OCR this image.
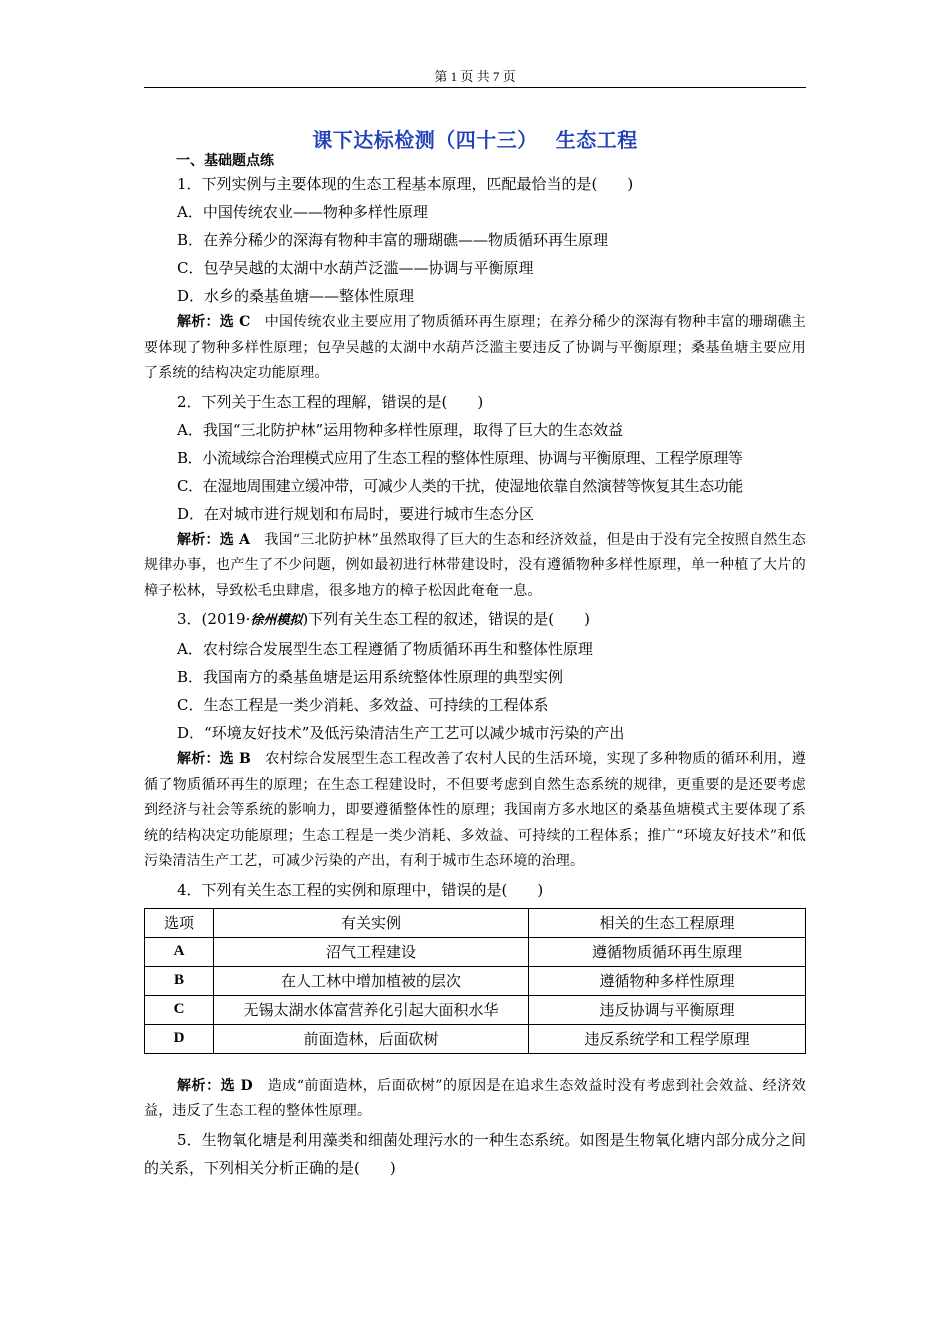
第 1 页 共 7 页
课下达标检测（四十三） 生态工程
一、基础题点练

1．下列实例与主要体现的生态工程基本原理，匹配最恰当的是(　　)

A．中国传统农业——物种多样性原理

B．在养分稀少的深海有物种丰富的珊瑚礁——物质循环再生原理

C．包孕吴越的太湖中水葫芦泛滥——协调与平衡原理

D．水乡的桑基鱼塘——整体性原理

解析：选 C　中国传统农业主要应用了物质循环再生原理；在养分稀少的深海有物种丰富的珊瑚礁主要体现了物种多样性原理；包孕吴越的太湖中水葫芦泛滥主要违反了协调与平衡原理；桑基鱼塘主要应用了系统的结构决定功能原理。

2．下列关于生态工程的理解，错误的是(　　)

A．我国“三北防护林”运用物种多样性原理，取得了巨大的生态效益

B．小流域综合治理模式应用了生态工程的整体性原理、协调与平衡原理、工程学原理等

C．在湿地周围建立缓冲带，可减少人类的干扰，使湿地依靠自然演替等恢复其生态功能

D．在对城市进行规划和布局时，要进行城市生态分区

解析：选 A　我国“三北防护林”虽然取得了巨大的生态和经济效益，但是由于没有完全按照自然生态规律办事，也产生了不少问题，例如最初进行林带建设时，没有遵循物种多样性原理，单一种植了大片的樟子松林，导致松毛虫肆虐，很多地方的樟子松因此奄奄一息。

3．(2019·徐州模拟)下列有关生态工程的叙述，错误的是(　　)

A．农村综合发展型生态工程遵循了物质循环再生和整体性原理

B．我国南方的桑基鱼塘是运用系统整体性原理的典型实例

C．生态工程是一类少消耗、多效益、可持续的工程体系

D．“环境友好技术”及低污染清洁生产工艺可以减少城市污染的产出

解析：选 B　农村综合发展型生态工程改善了农村人民的生活环境，实现了多种物质的循环利用，遵循了物质循环再生的原理；在生态工程建设时，不但要考虑到自然生态系统的规律，更重要的是还要考虑到经济与社会等系统的影响力，即要遵循整体性的原理；我国南方多水地区的桑基鱼塘模式主要体现了系统的结构决定功能原理；生态工程是一类少消耗、多效益、可持续的工程体系；推广“环境友好技术”和低污染清洁生产工艺，可减少污染的产出，有利于城市生态环境的治理。

4．下列有关生态工程的实例和原理中，错误的是(　　)

选项	有关实例	相关的生态工程原理
A	沼气工程建设	遵循物质循环再生原理
B	在人工林中增加植被的层次	遵循物种多样性原理
C	无锡太湖水体富营养化引起大面积水华	违反协调与平衡原理
D	前面造林，后面砍树	违反系统学和工程学原理

解析：选 D　造成“前面造林，后面砍树”的原因是在追求生态效益时没有考虑到社会效益、经济效益，违反了生态工程的整体性原理。

5．生物氧化塘是利用藻类和细菌处理污水的一种生态系统。如图是生物氧化塘内部分成分之间的关系，下列相关分析正确的是(　　)
